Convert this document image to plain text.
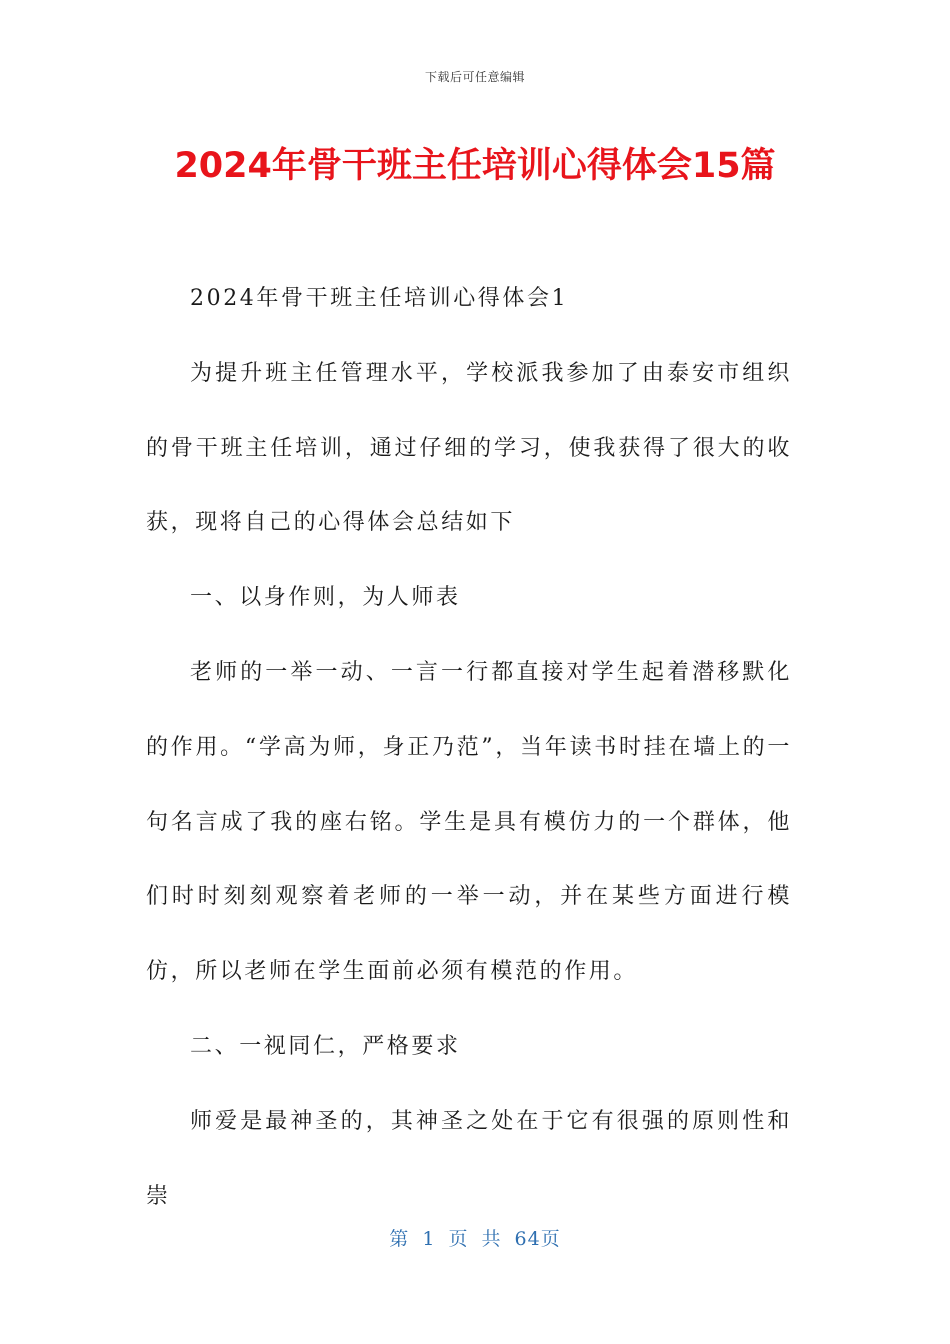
下载后可任意编辑
2024年骨干班主任培训心得体会15篇

2024年骨干班主任培训心得体会1

为提升班主任管理水平，学校派我参加了由泰安市组织的骨干班主任培训，通过仔细的学习，使我获得了很大的收获，现将自己的心得体会总结如下

一、以身作则，为人师表

老师的一举一动、一言一行都直接对学生起着潜移默化的作用。“学高为师，身正乃范”，当年读书时挂在墙上的一句名言成了我的座右铭。学生是具有模仿力的一个群体，他们时时刻刻观察着老师的一举一动，并在某些方面进行模仿，所以老师在学生面前必须有模范的作用。

二、一视同仁，严格要求

师爱是最神圣的，其神圣之处在于它有很强的原则性和崇

第 1 页 共 64页
